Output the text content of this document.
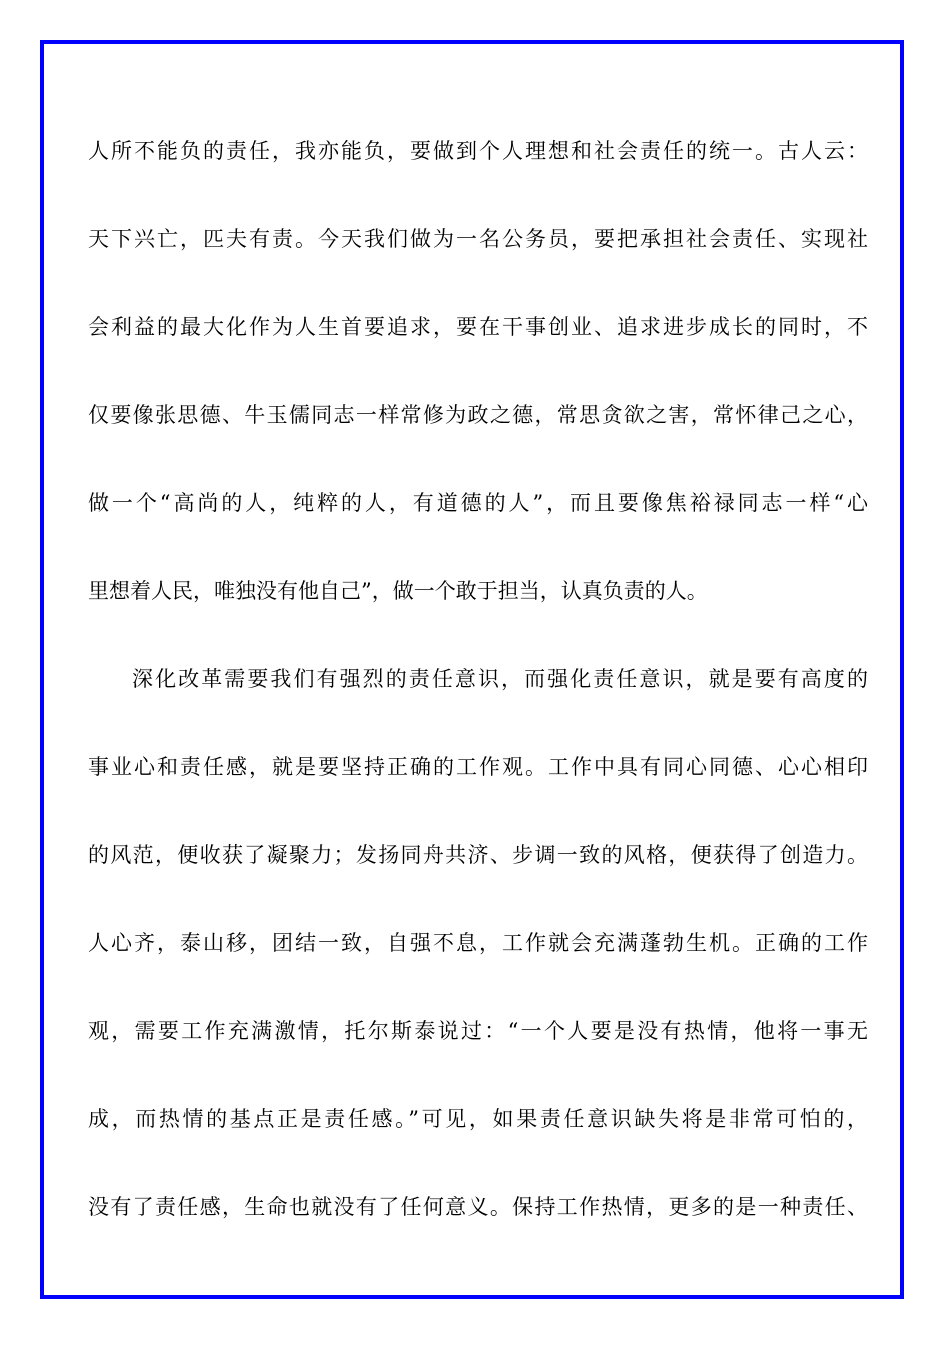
人所不能负的责任，我亦能负，要做到个人理想和社会责任的统一。古人云：
天下兴亡，匹夫有责。今天我们做为一名公务员，要把承担社会责任、实现社
会利益的最大化作为人生首要追求，要在干事创业、追求进步成长的同时，不
仅要像张思德、牛玉儒同志一样常修为政之德，常思贪欲之害，常怀律己之心，
做一个“高尚的人，纯粹的人，有道德的人”，而且要像焦裕禄同志一样“心
里想着人民，唯独没有他自己”，做一个敢于担当，认真负责的人。
深化改革需要我们有强烈的责任意识，而强化责任意识，就是要有高度的
事业心和责任感，就是要坚持正确的工作观。工作中具有同心同德、心心相印
的风范，便收获了凝聚力；发扬同舟共济、步调一致的风格，便获得了创造力。
人心齐，泰山移，团结一致，自强不息，工作就会充满蓬勃生机。正确的工作
观，需要工作充满激情，托尔斯泰说过：“一个人要是没有热情，他将一事无
成，而热情的基点正是责任感。”可见，如果责任意识缺失将是非常可怕的，
没有了责任感，生命也就没有了任何意义。保持工作热情，更多的是一种责任、
